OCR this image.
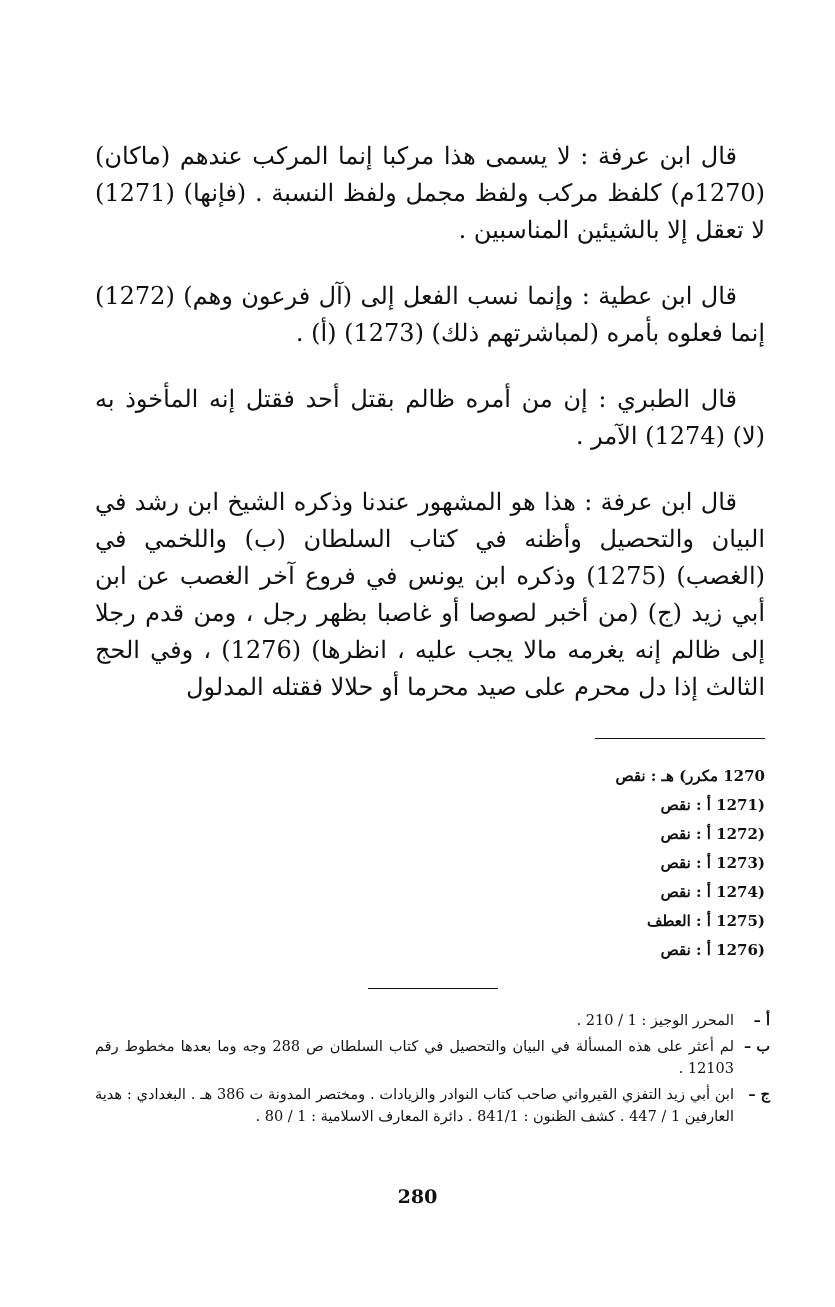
قال ابن عرفة : لا يسمى هذا مركبا إنما المركب عندهم (ماكان) (1270م) كلفظ مركب ولفظ مجمل ولفظ النسبة . (فإنها) (1271) لا تعقل إلا بالشيئين المناسبين .

قال ابن عطية : وإنما نسب الفعل إلى (آل فرعون وهم) (1272) إنما فعلوه بأمره (لمباشرتهم ذلك) (1273) (أ) .

قال الطبري : إن من أمره ظالم بقتل أحد فقتل إنه المأخوذ به (لا) (1274) الآمر .

قال ابن عرفة : هذا هو المشهور عندنا وذكره الشيخ ابن رشد في البيان والتحصيل وأظنه في كتاب السلطان (ب) واللخمي في (الغصب) (1275) وذكره ابن يونس في فروع آخر الغصب عن ابن أبي زيد (ج) (من أخبر لصوصا أو غاصبا بظهر رجل ، ومن قدم رجلا إلى ظالم إنه يغرمه مالا يجب عليه ، انظرها) (1276) ، وفي الحج الثالث إذا دل محرم على صيد محرما أو حلالا فقتله المدلول

1270 مكرر) هـ : نقص
(1271 أ : نقص
(1272 أ : نقص
(1273 أ : نقص
(1274 أ : نقص
(1275 أ : العطف
(1276 أ : نقص
أ –
المحرر الوجيز : 1 / 210 .
ب –
لم أعثر على هذه المسألة في البيان والتحصيل في كتاب السلطان ص 288 وجه وما بعدها مخطوط رقم 12103 .
ج –
ابن أبي زيد التفزي القيرواني صاحب كتاب النوادر والزيادات . ومختصر المدونة ت 386 هـ . البغدادي : هدية العارفين 1 / 447 . كشف الظنون : 841/1 . دائرة المعارف الاسلامية : 1 / 80 .
280
